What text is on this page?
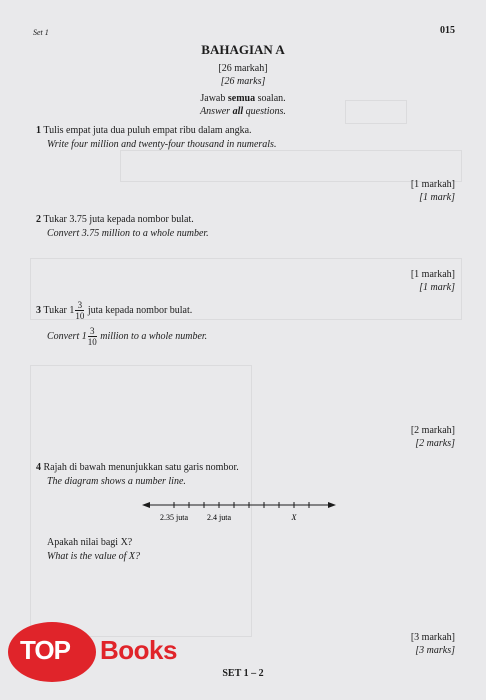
Set 1	015
BAHAGIAN A
[26 markah]
[26 marks]
Jawab semua soalan.
Answer all questions.
1 Tulis empat juta dua puluh empat ribu dalam angka.
Write four million and twenty-four thousand in numerals.
[1 markah]
[1 mark]
2 Tukar 3.75 juta kepada nombor bulat.
Convert 3.75 million to a whole number.
[1 markah]
[1 mark]
3 Tukar $1 \frac{3}{10}$ juta kepada nombor bulat.
Convert $1 \frac{3}{10}$ million to a whole number.
[2 markah]
[2 marks]
4 Rajah di bawah menunjukkan satu garis nombor.
The diagram shows a number line.
2.35 juta 2.4 juta	X
Apakah nilai bagi X?
What is the value of X?
[3 markah]
[3 marks]
SET 1 – 2
TOP Books
